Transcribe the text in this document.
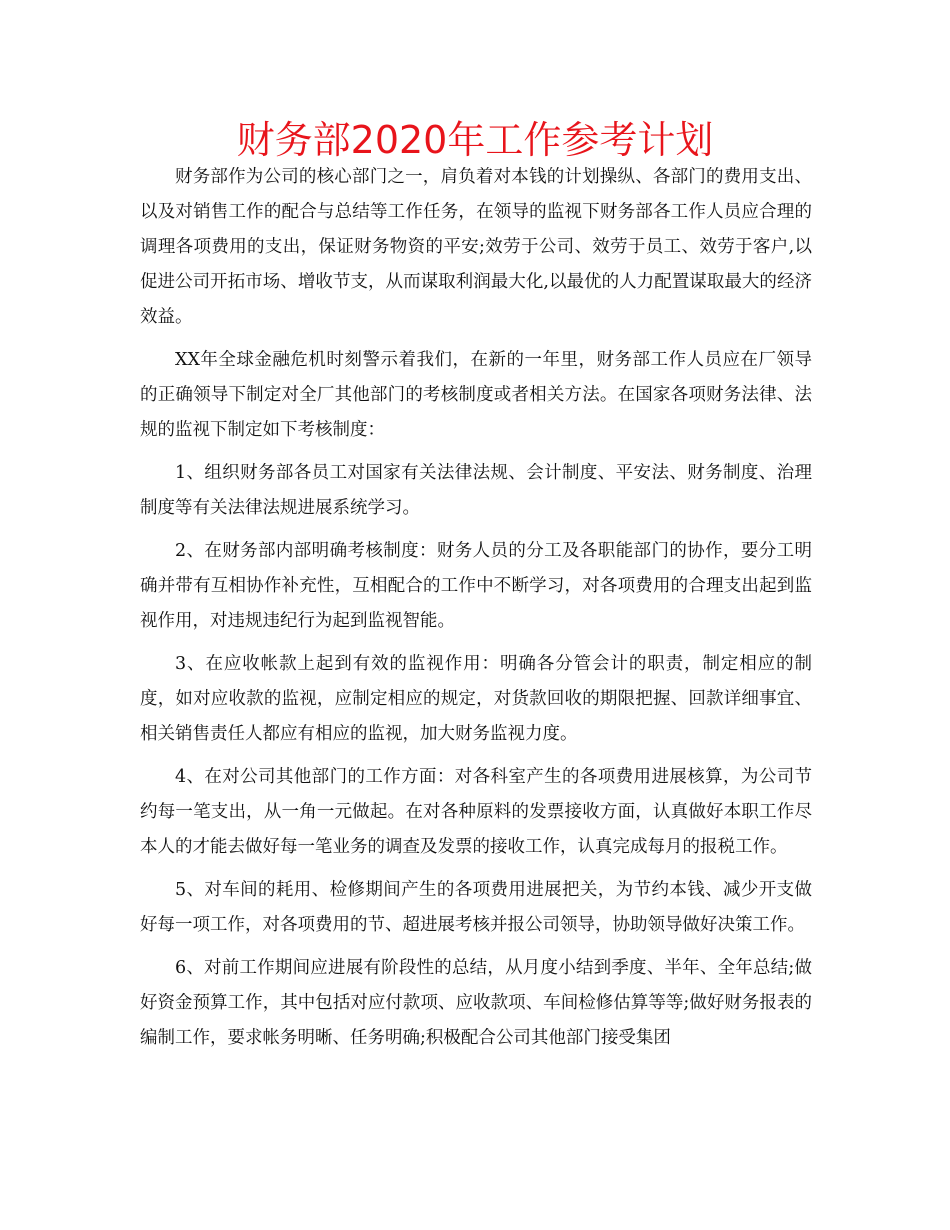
财务部2020年工作参考计划

财务部作为公司的核心部门之一，肩负着对本钱的计划操纵、各部门的费用支出、以及对销售工作的配合与总结等工作任务，在领导的监视下财务部各工作人员应合理的调理各项费用的支出，保证财务物资的平安;效劳于公司、效劳于员工、效劳于客户,以促进公司开拓市场、增收节支，从而谋取利润最大化,以最优的人力配置谋取最大的经济效益。

XX年全球金融危机时刻警示着我们，在新的一年里，财务部工作人员应在厂领导的正确领导下制定对全厂其他部门的考核制度或者相关方法。在国家各项财务法律、法规的监视下制定如下考核制度：

1、组织财务部各员工对国家有关法律法规、会计制度、平安法、财务制度、治理制度等有关法律法规进展系统学习。

2、在财务部内部明确考核制度：财务人员的分工及各职能部门的协作，要分工明确并带有互相协作补充性，互相配合的工作中不断学习，对各项费用的合理支出起到监视作用，对违规违纪行为起到监视智能。

3、在应收帐款上起到有效的监视作用：明确各分管会计的职责，制定相应的制度，如对应收款的监视，应制定相应的规定，对货款回收的期限把握、回款详细事宜、相关销售责任人都应有相应的监视，加大财务监视力度。

4、在对公司其他部门的工作方面：对各科室产生的各项费用进展核算，为公司节约每一笔支出，从一角一元做起。在对各种原料的发票接收方面，认真做好本职工作尽本人的才能去做好每一笔业务的调查及发票的接收工作，认真完成每月的报税工作。

5、对车间的耗用、检修期间产生的各项费用进展把关，为节约本钱、减少开支做好每一项工作，对各项费用的节、超进展考核并报公司领导，协助领导做好决策工作。

6、对前工作期间应进展有阶段性的总结，从月度小结到季度、半年、全年总结;做好资金预算工作，其中包括对应付款项、应收款项、车间检修估算等等;做好财务报表的编制工作，要求帐务明晰、任务明确;积极配合公司其他部门接受集团
